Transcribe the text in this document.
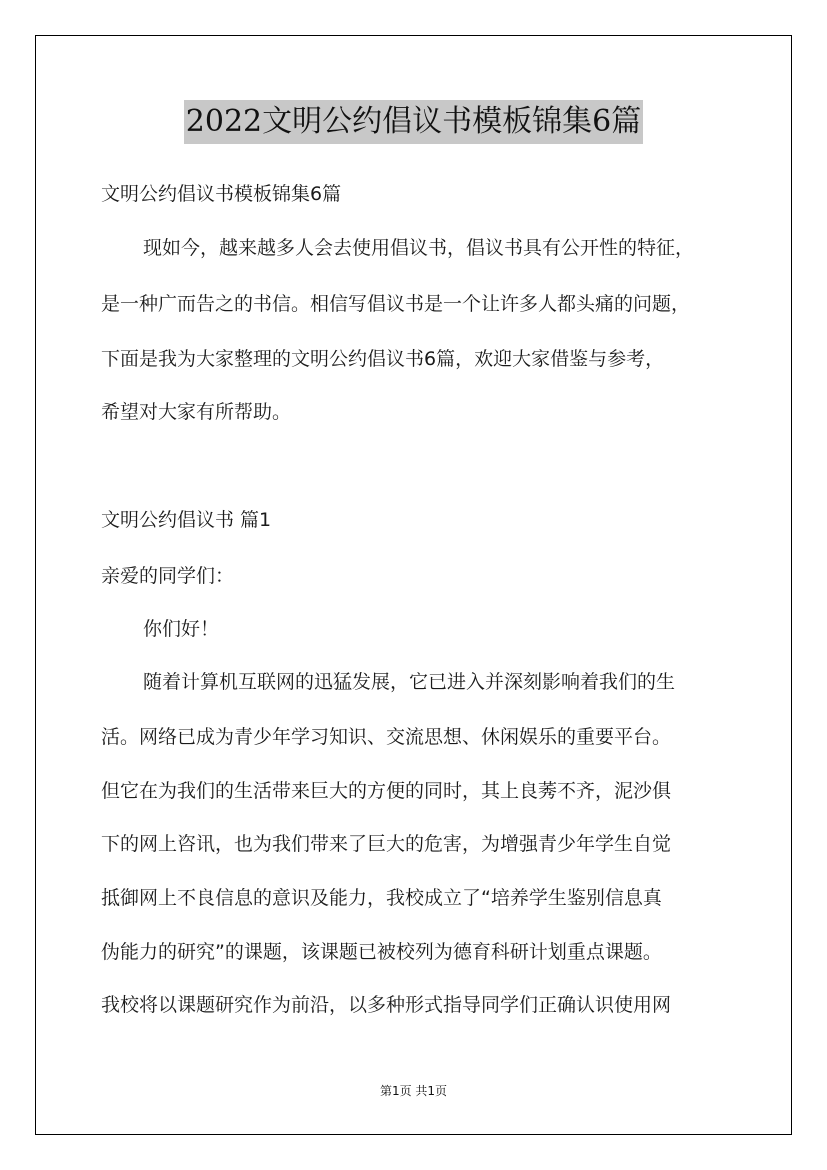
2022文明公约倡议书模板锦集6篇
文明公约倡议书模板锦集6篇
现如今，越来越多人会去使用倡议书，倡议书具有公开性的特征，
是一种广而告之的书信。相信写倡议书是一个让许多人都头痛的问题，
下面是我为大家整理的文明公约倡议书6篇，欢迎大家借鉴与参考，
希望对大家有所帮助。
文明公约倡议书 篇1
亲爱的同学们：
你们好！
随着计算机互联网的迅猛发展，它已进入并深刻影响着我们的生
活。网络已成为青少年学习知识、交流思想、休闲娱乐的重要平台。
但它在为我们的生活带来巨大的方便的同时，其上良莠不齐，泥沙俱
下的网上咨讯，也为我们带来了巨大的危害，为增强青少年学生自觉
抵御网上不良信息的意识及能力，我校成立了“培养学生鉴别信息真
伪能力的研究”的课题，该课题已被校列为德育科研计划重点课题。
我校将以课题研究作为前沿，以多种形式指导同学们正确认识使用网
第1页 共1页
